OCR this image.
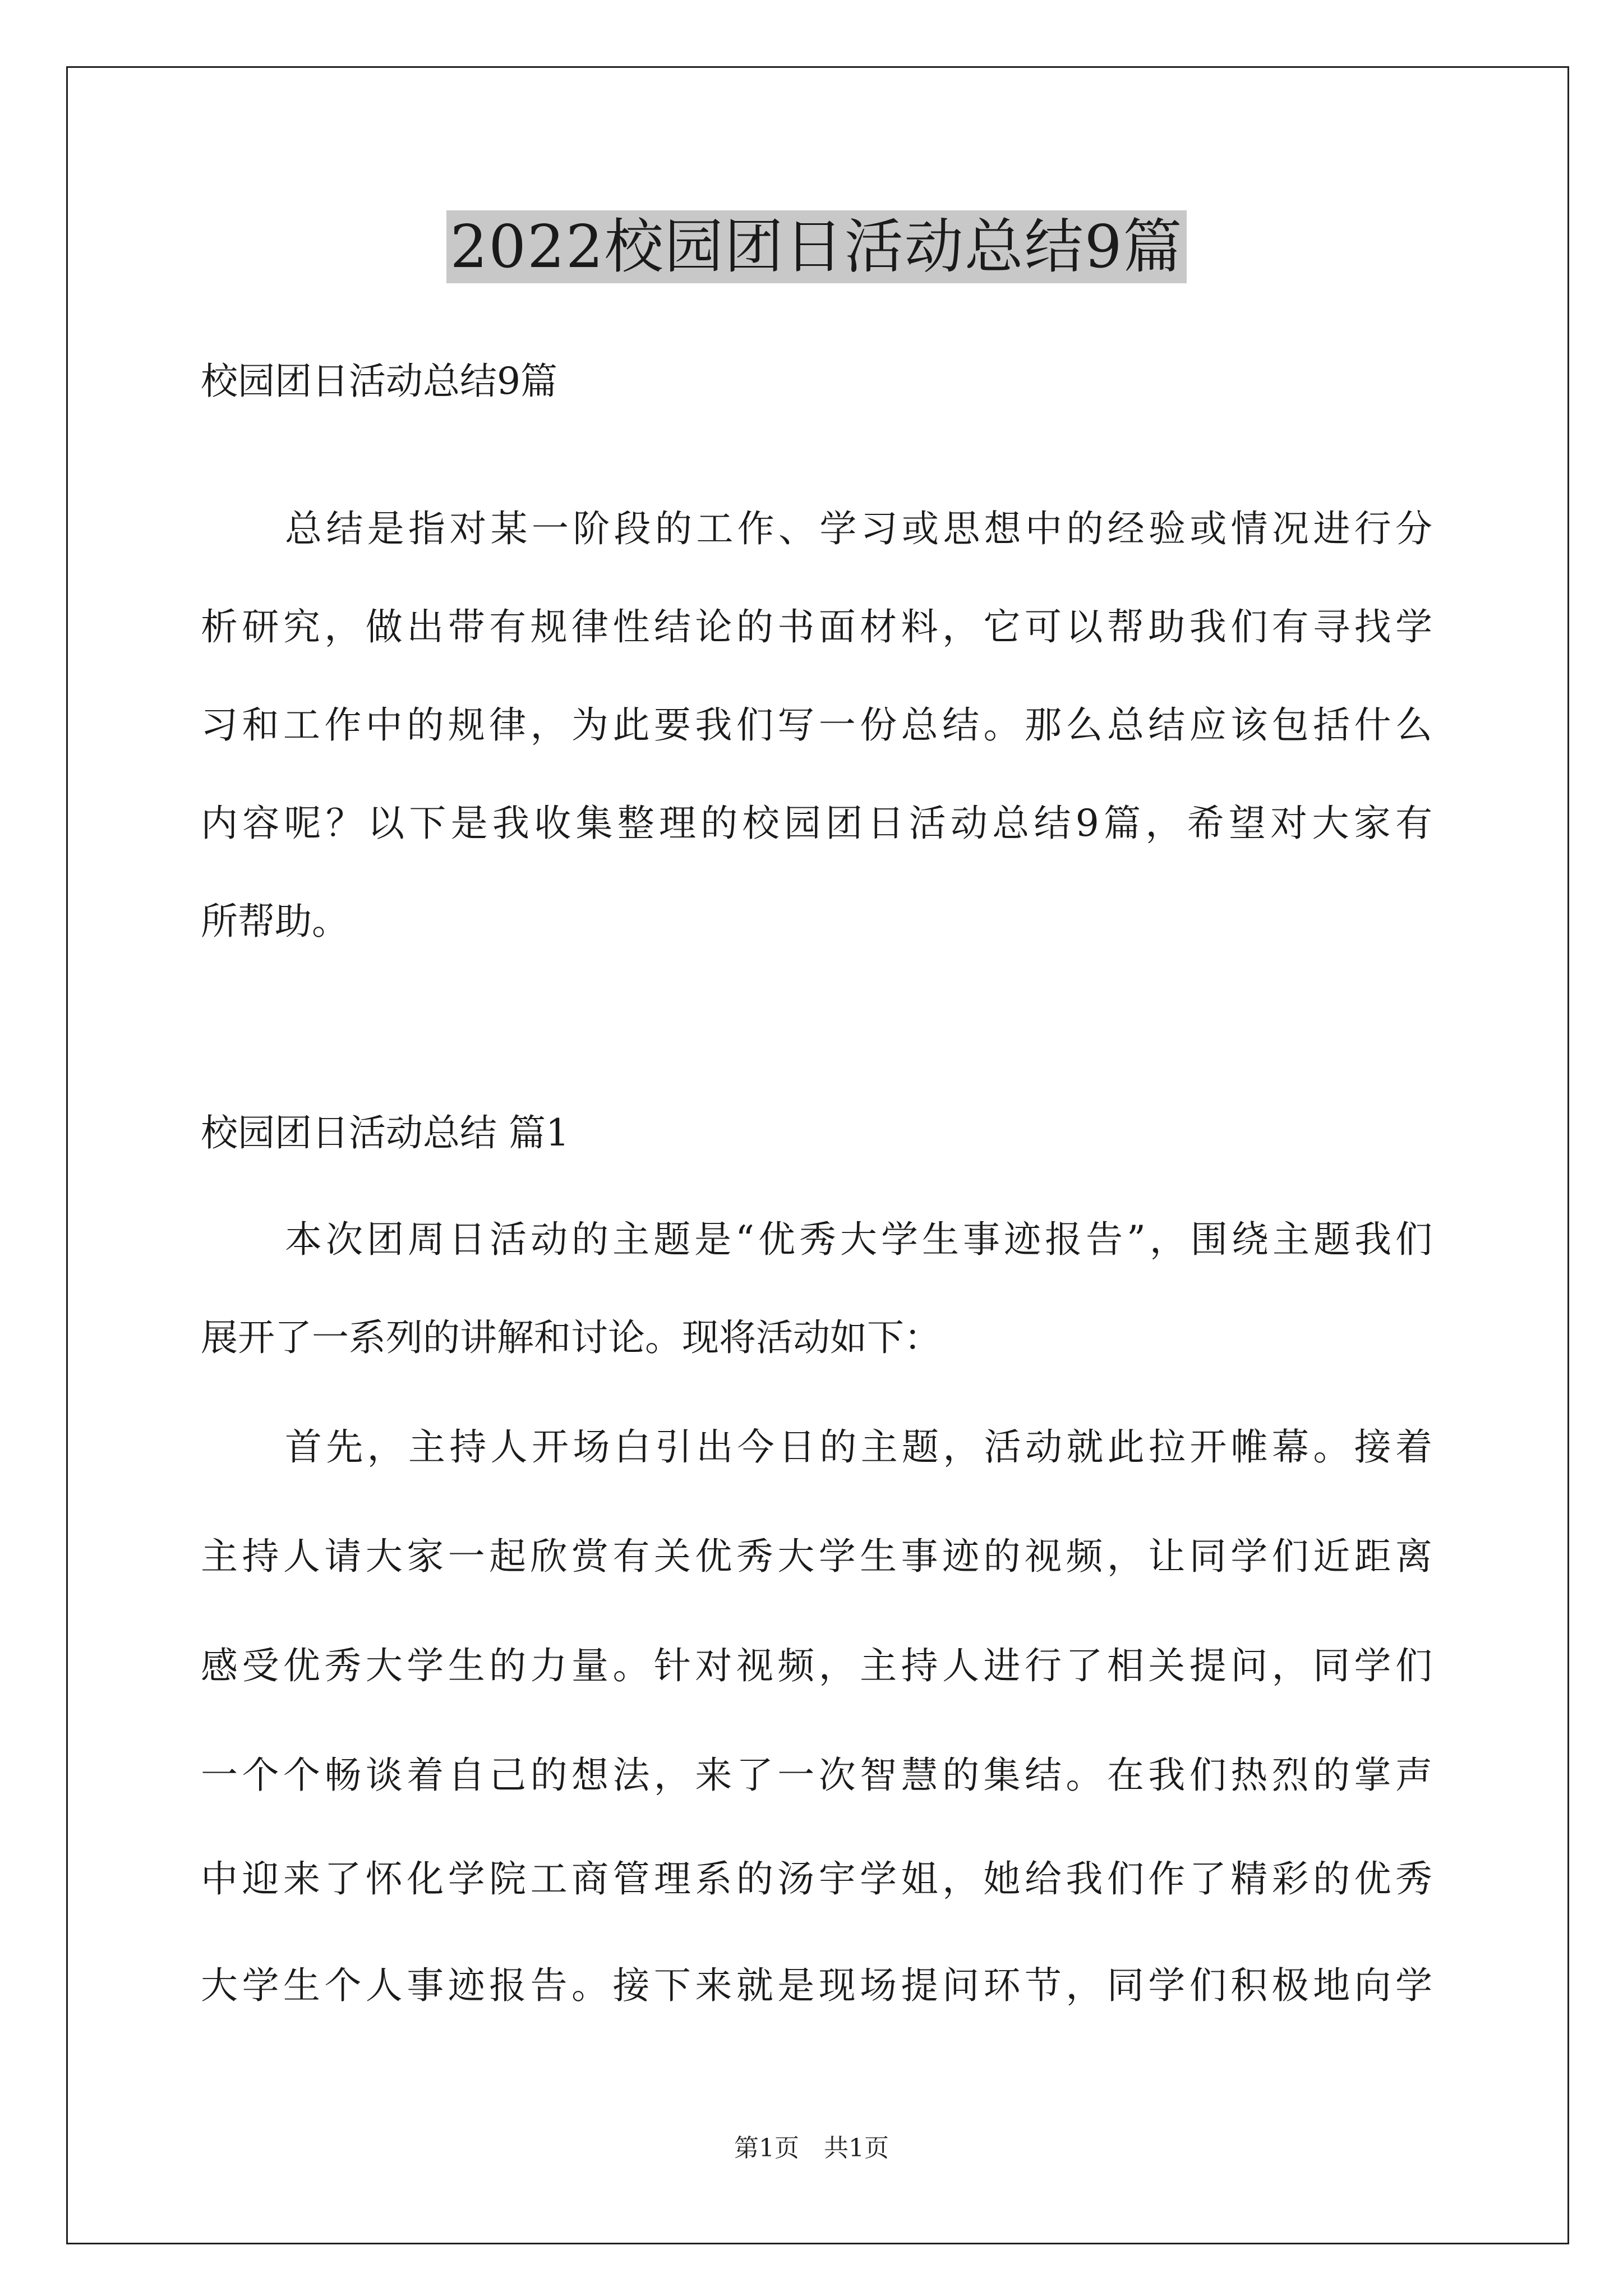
2022校园团日活动总结9篇
校园团日活动总结9篇
总结是指对某一阶段的工作、学习或思想中的经验或情况进行分
析研究，做出带有规律性结论的书面材料，它可以帮助我们有寻找学
习和工作中的规律，为此要我们写一份总结。那么总结应该包括什么
内容呢？以下是我收集整理的校园团日活动总结9篇，希望对大家有
所帮助。
校园团日活动总结 篇1
本次团周日活动的主题是“优秀大学生事迹报告”，围绕主题我们
展开了一系列的讲解和讨论。现将活动如下：
首先，主持人开场白引出今日的主题，活动就此拉开帷幕。接着
主持人请大家一起欣赏有关优秀大学生事迹的视频，让同学们近距离
感受优秀大学生的力量。针对视频，主持人进行了相关提问，同学们
一个个畅谈着自己的想法，来了一次智慧的集结。在我们热烈的掌声
中迎来了怀化学院工商管理系的汤宇学姐，她给我们作了精彩的优秀
大学生个人事迹报告。接下来就是现场提问环节，同学们积极地向学
第1页 共1页
